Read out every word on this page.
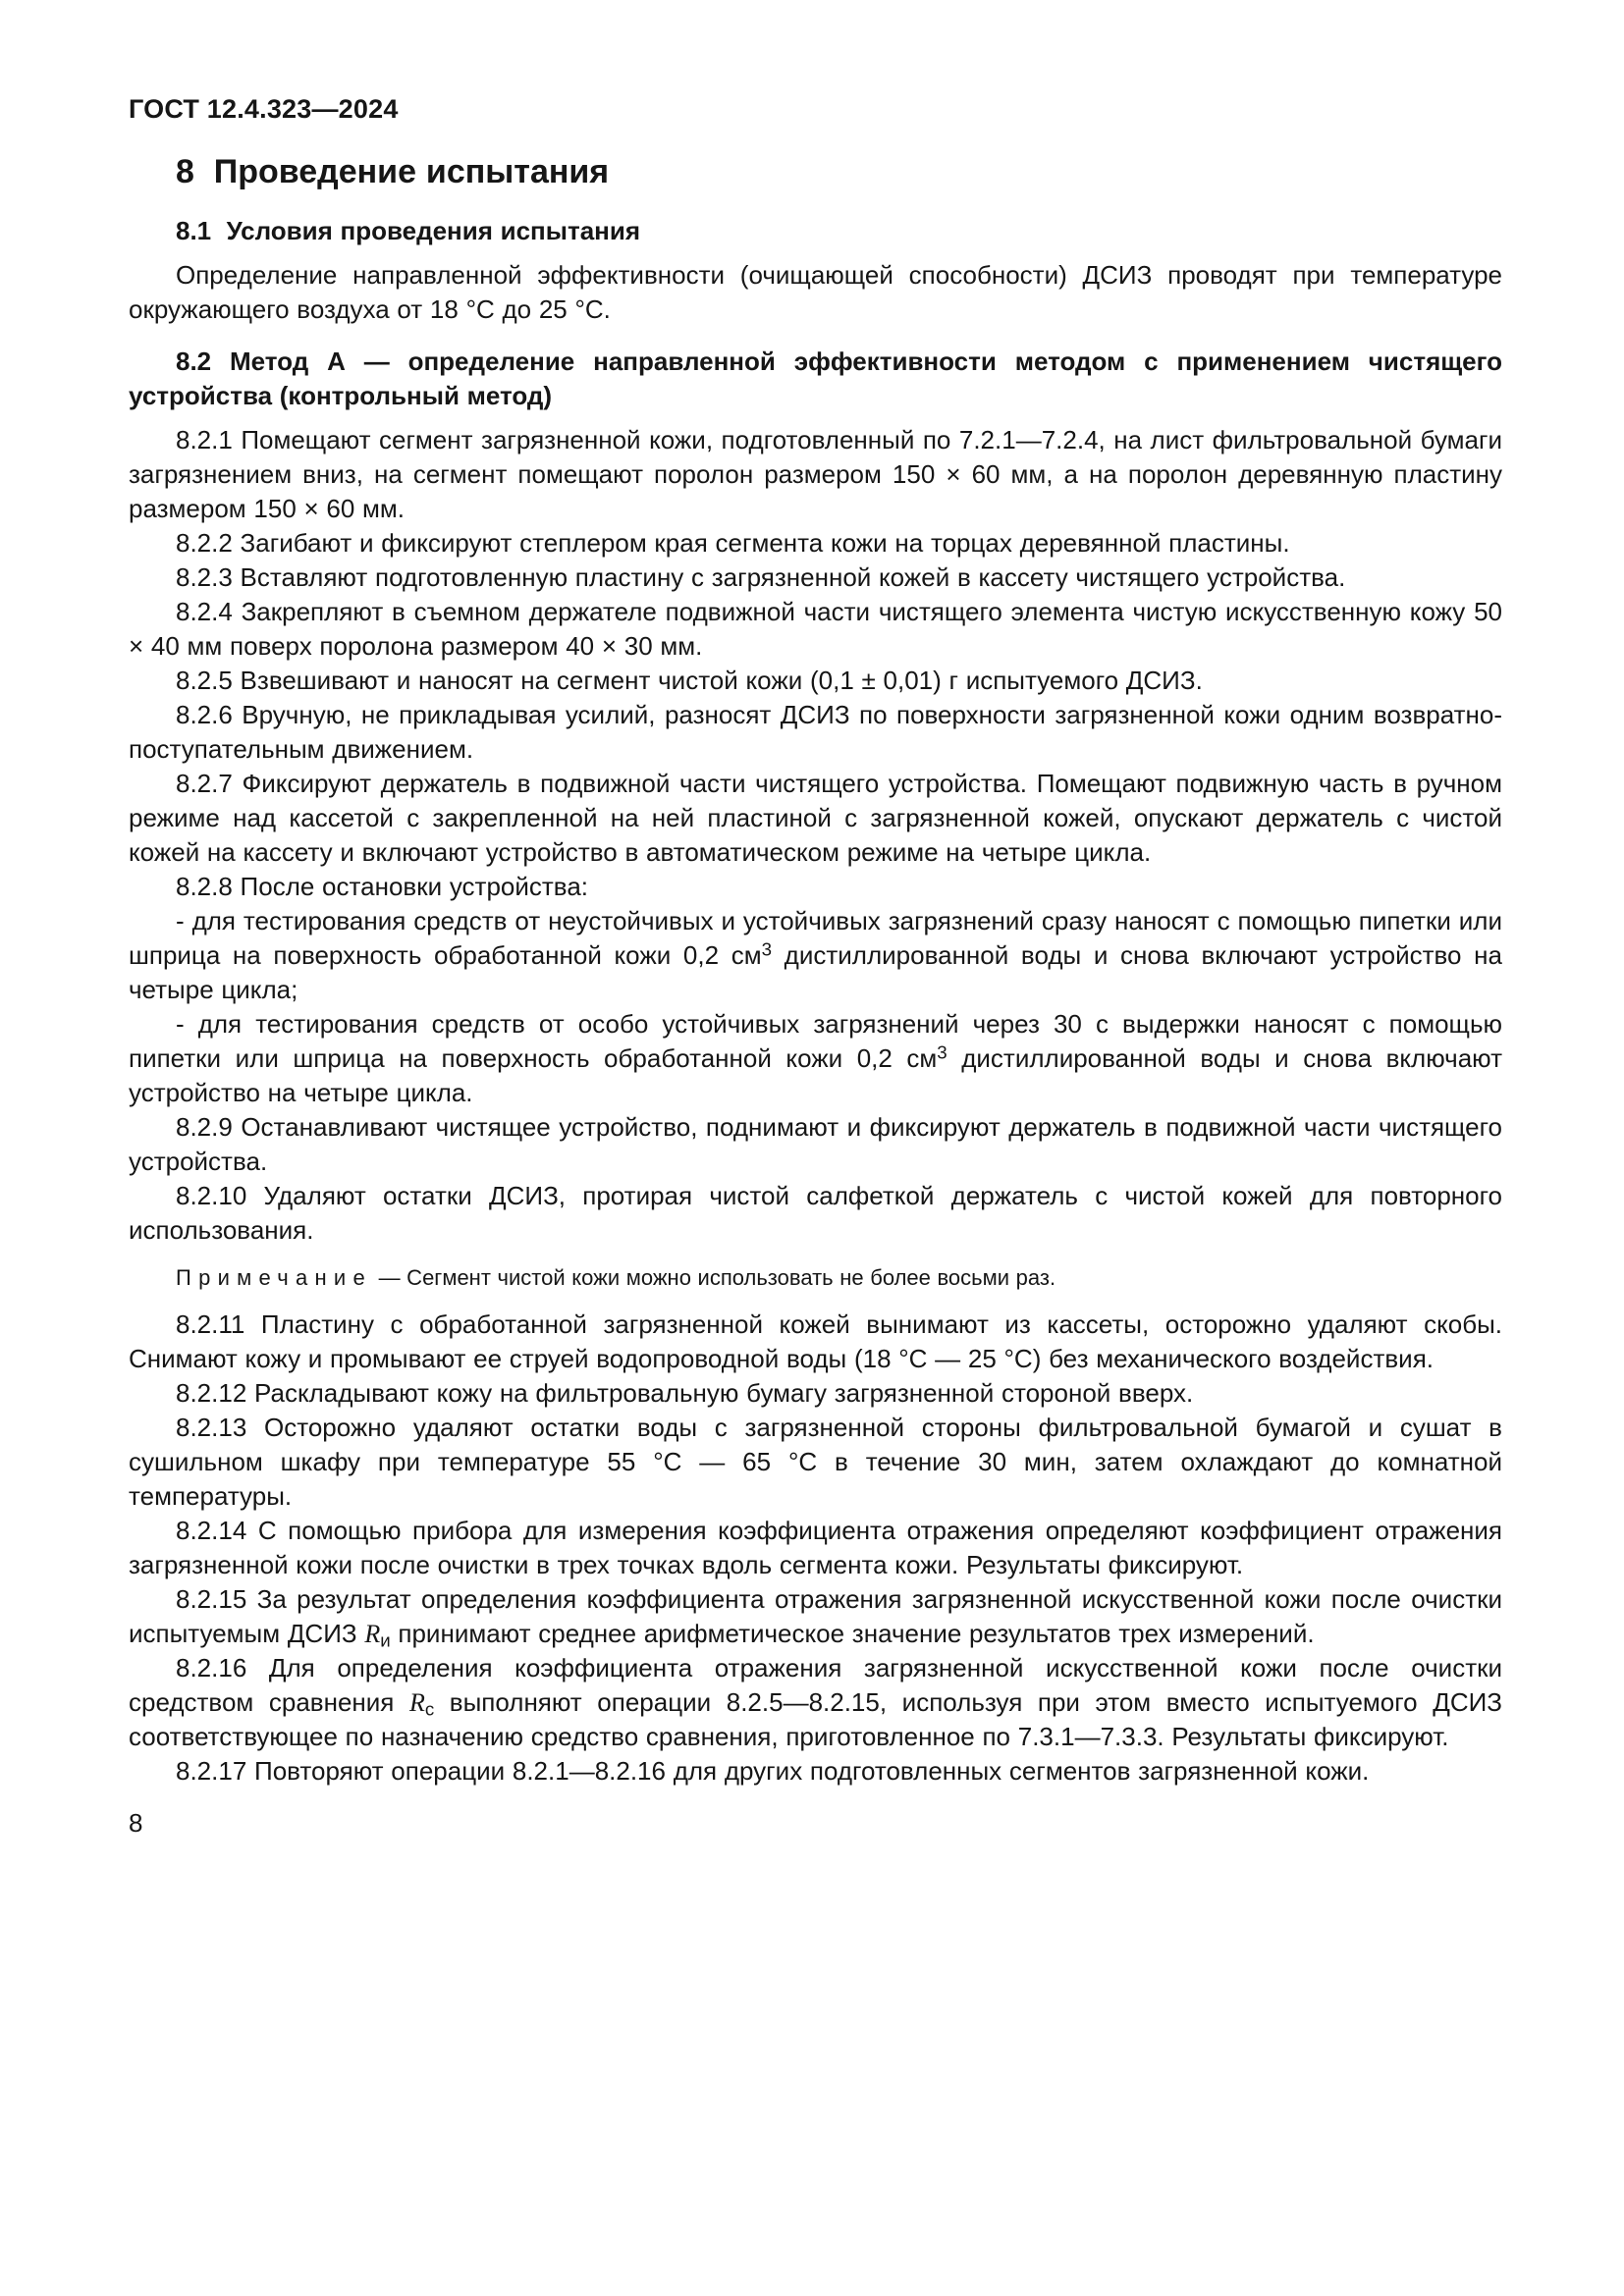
ГОСТ 12.4.323—2024

8  Проведение испытания

8.1  Условия проведения испытания

Определение направленной эффективности (очищающей способности) ДСИЗ проводят при температуре окружающего воздуха от 18 °С до 25 °С.

8.2 Метод А — определение направленной эффективности методом с применением чистящего устройства (контрольный метод)

8.2.1 Помещают сегмент загрязненной кожи, подготовленный по 7.2.1—7.2.4, на лист фильтровальной бумаги загрязнением вниз, на сегмент помещают поролон размером 150 × 60 мм, а на поролон деревянную пластину размером 150 × 60 мм.

8.2.2 Загибают и фиксируют степлером края сегмента кожи на торцах деревянной пластины.

8.2.3 Вставляют подготовленную пластину с загрязненной кожей в кассету чистящего устройства.

8.2.4 Закрепляют в съемном держателе подвижной части чистящего элемента чистую искусственную кожу 50 × 40 мм поверх поролона размером 40 × 30 мм.

8.2.5 Взвешивают и наносят на сегмент чистой кожи (0,1 ± 0,01) г испытуемого ДСИЗ.

8.2.6 Вручную, не прикладывая усилий, разносят ДСИЗ по поверхности загрязненной кожи одним возвратно-поступательным движением.

8.2.7 Фиксируют держатель в подвижной части чистящего устройства. Помещают подвижную часть в ручном режиме над кассетой с закрепленной на ней пластиной с загрязненной кожей, опускают держатель с чистой кожей на кассету и включают устройство в автоматическом режиме на четыре цикла.

8.2.8 После остановки устройства:

- для тестирования средств от неустойчивых и устойчивых загрязнений сразу наносят с помощью пипетки или шприца на поверхность обработанной кожи 0,2 $см^3$ дистиллированной воды и снова включают устройство на четыре цикла;

- для тестирования средств от особо устойчивых загрязнений через 30 с выдержки наносят с помощью пипетки или шприца на поверхность обработанной кожи 0,2 $см^3$ дистиллированной воды и снова включают устройство на четыре цикла.

8.2.9 Останавливают чистящее устройство, поднимают и фиксируют держатель в подвижной части чистящего устройства.

8.2.10 Удаляют остатки ДСИЗ, протирая чистой салфеткой держатель с чистой кожей для повторного использования.

Примечание — Сегмент чистой кожи можно использовать не более восьми раз.

8.2.11 Пластину с обработанной загрязненной кожей вынимают из кассеты, осторожно удаляют скобы. Снимают кожу и промывают ее струей водопроводной воды (18 °С — 25 °С) без механического воздействия.

8.2.12 Раскладывают кожу на фильтровальную бумагу загрязненной стороной вверх.

8.2.13 Осторожно удаляют остатки воды с загрязненной стороны фильтровальной бумагой и сушат в сушильном шкафу при температуре 55 °С — 65 °С в течение 30 мин, затем охлаждают до комнатной температуры.

8.2.14 С помощью прибора для измерения коэффициента отражения определяют коэффициент отражения загрязненной кожи после очистки в трех точках вдоль сегмента кожи. Результаты фиксируют.

8.2.15 За результат определения коэффициента отражения загрязненной искусственной кожи после очистки испытуемым ДСИЗ $R_и$ принимают среднее арифметическое значение результатов трех измерений.

8.2.16 Для определения коэффициента отражения загрязненной искусственной кожи после очистки средством сравнения $R_с$ выполняют операции 8.2.5—8.2.15, используя при этом вместо испытуемого ДСИЗ соответствующее по назначению средство сравнения, приготовленное по 7.3.1—7.3.3. Результаты фиксируют.

8.2.17 Повторяют операции 8.2.1—8.2.16 для других подготовленных сегментов загрязненной кожи.

8
